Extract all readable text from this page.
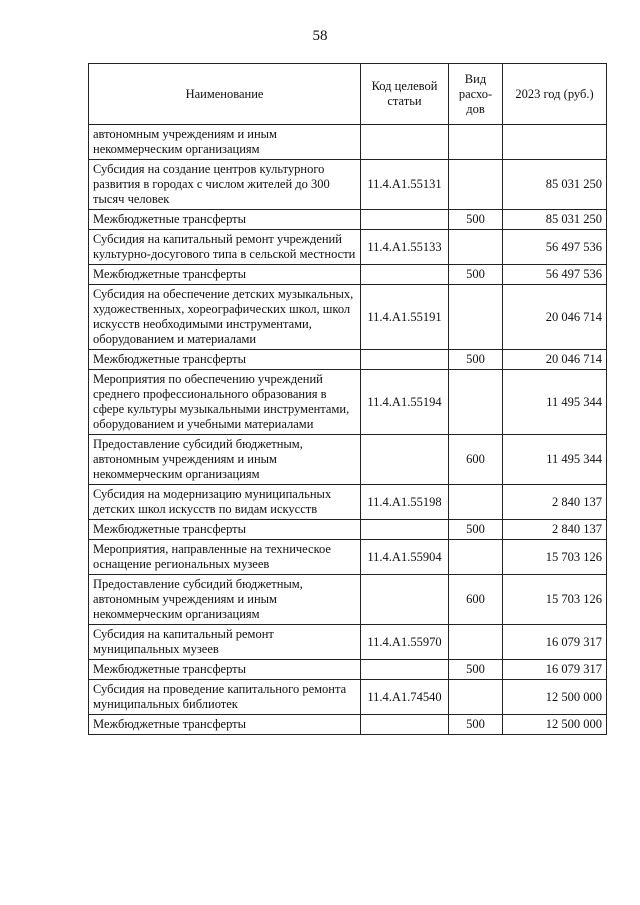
58
Наименование	Код целевой статьи	Вид расхо-дов	2023 год (руб.)
автономным учреждениям и иным некоммерческим организациям			
Субсидия на создание центров культурного развития в городах с числом жителей до 300 тысяч человек	11.4.А1.55131		85 031 250
Межбюджетные трансферты		500	85 031 250
Субсидия на капитальный ремонт учреждений культурно-досугового типа в сельской местности	11.4.А1.55133		56 497 536
Межбюджетные трансферты		500	56 497 536
Субсидия на обеспечение детских музыкальных, художественных, хореографических школ, школ искусств необходимыми инструментами, оборудованием и материалами	11.4.А1.55191		20 046 714
Межбюджетные трансферты		500	20 046 714
Мероприятия по обеспечению учреждений среднего профессионального образования в сфере культуры музыкальными инструментами, оборудованием и учебными материалами	11.4.А1.55194		11 495 344
Предоставление субсидий бюджетным, автономным учреждениям и иным некоммерческим организациям		600	11 495 344
Субсидия на модернизацию муниципальных детских школ искусств по видам искусств	11.4.А1.55198		2 840 137
Межбюджетные трансферты		500	2 840 137
Мероприятия, направленные на техническое оснащение региональных музеев	11.4.А1.55904		15 703 126
Предоставление субсидий бюджетным, автономным учреждениям и иным некоммерческим организациям		600	15 703 126
Субсидия на капитальный ремонт муниципальных музеев	11.4.А1.55970		16 079 317
Межбюджетные трансферты		500	16 079 317
Субсидия на проведение капитального ремонта муниципальных библиотек	11.4.А1.74540		12 500 000
Межбюджетные трансферты		500	12 500 000
